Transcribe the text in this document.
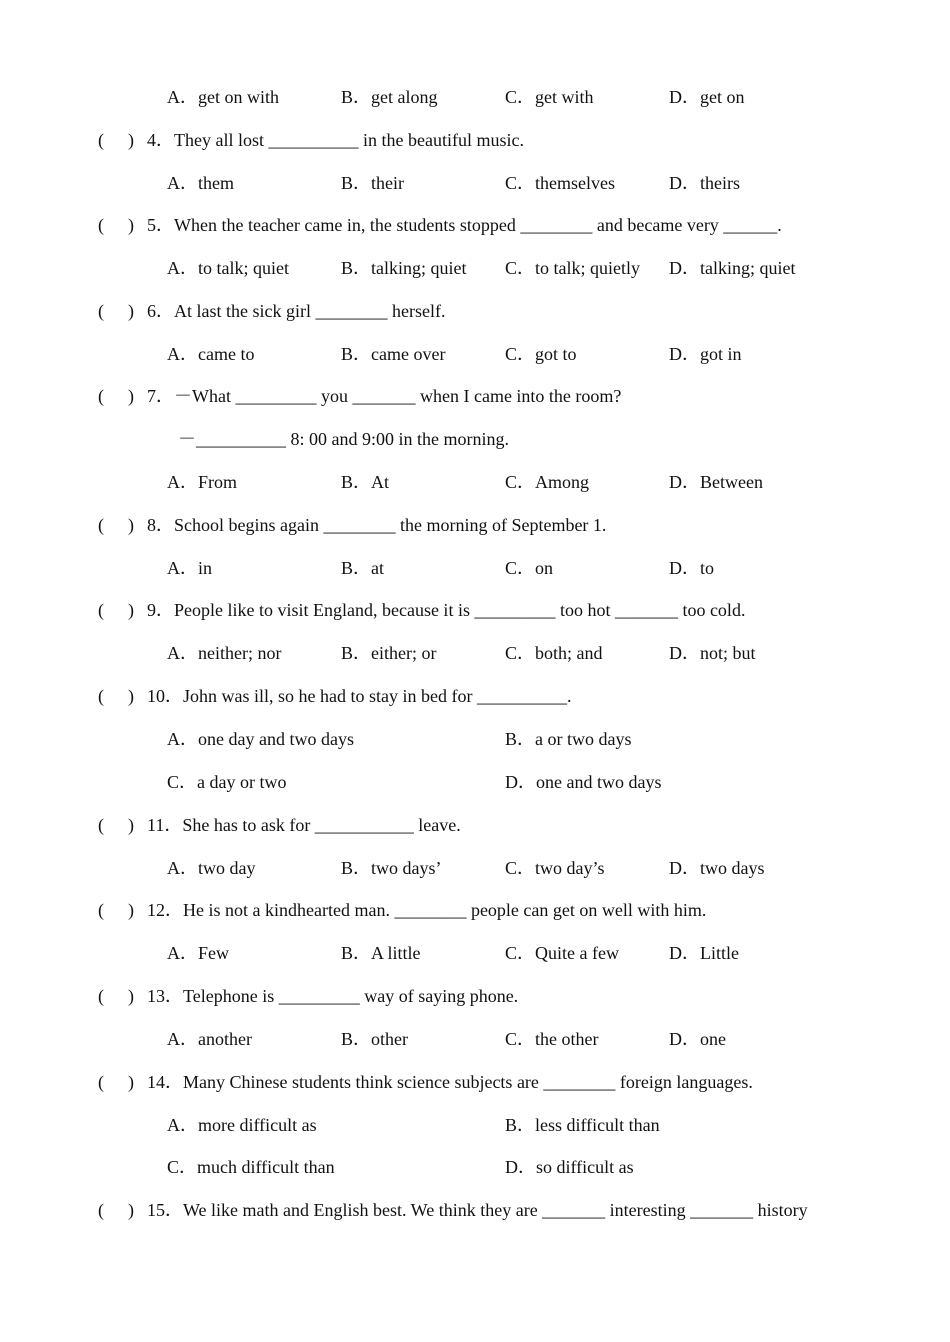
A．get on with	B．get along	C．get with	D．get on
( ) 4．They all lost __________ in the beautiful music.
A．them	B．their	C．themselves	D．theirs
( ) 5．When the teacher came in, the students stopped ________ and became very ______.
A．to talk; quiet	B．talking; quiet C．to talk; quietly D．talking; quiet
( ) 6．At last the sick girl ________ herself.
A．came to	B．came over	C．got to	D．got in
( ) 7．－What _________ you _______ when I came into the room?
－__________ 8: 00 and 9:00 in the morning.
A．From	B．At	C．Among	D．Between
( ) 8．School begins again ________ the morning of September 1.
A．in	B．at	C．on	D．to
( ) 9．People like to visit England, because it is _________ too hot _______ too cold.
A．neither; nor	B．either; or	C．both; and	D．not; but
( ) 10．John was ill, so he had to stay in bed for __________.
A．one day and two days	B．a or two days
C．a day or two	D．one and two days
( ) 11．She has to ask for ___________ leave.
A．two day	B．two days’	C．two day’s	D．two days
( ) 12．He is not a kindhearted man. ________ people can get on well with him.
A．Few	B．A little	C．Quite a few	D．Little
( ) 13．Telephone is _________ way of saying phone.
A．another	B．other	C．the other	D．one
( ) 14．Many Chinese students think science subjects are ________ foreign languages.
A．more difficult as	B．less difficult than
C．much difficult than	D．so difficult as
( ) 15．We like math and English best. We think they are _______ interesting _______ history
